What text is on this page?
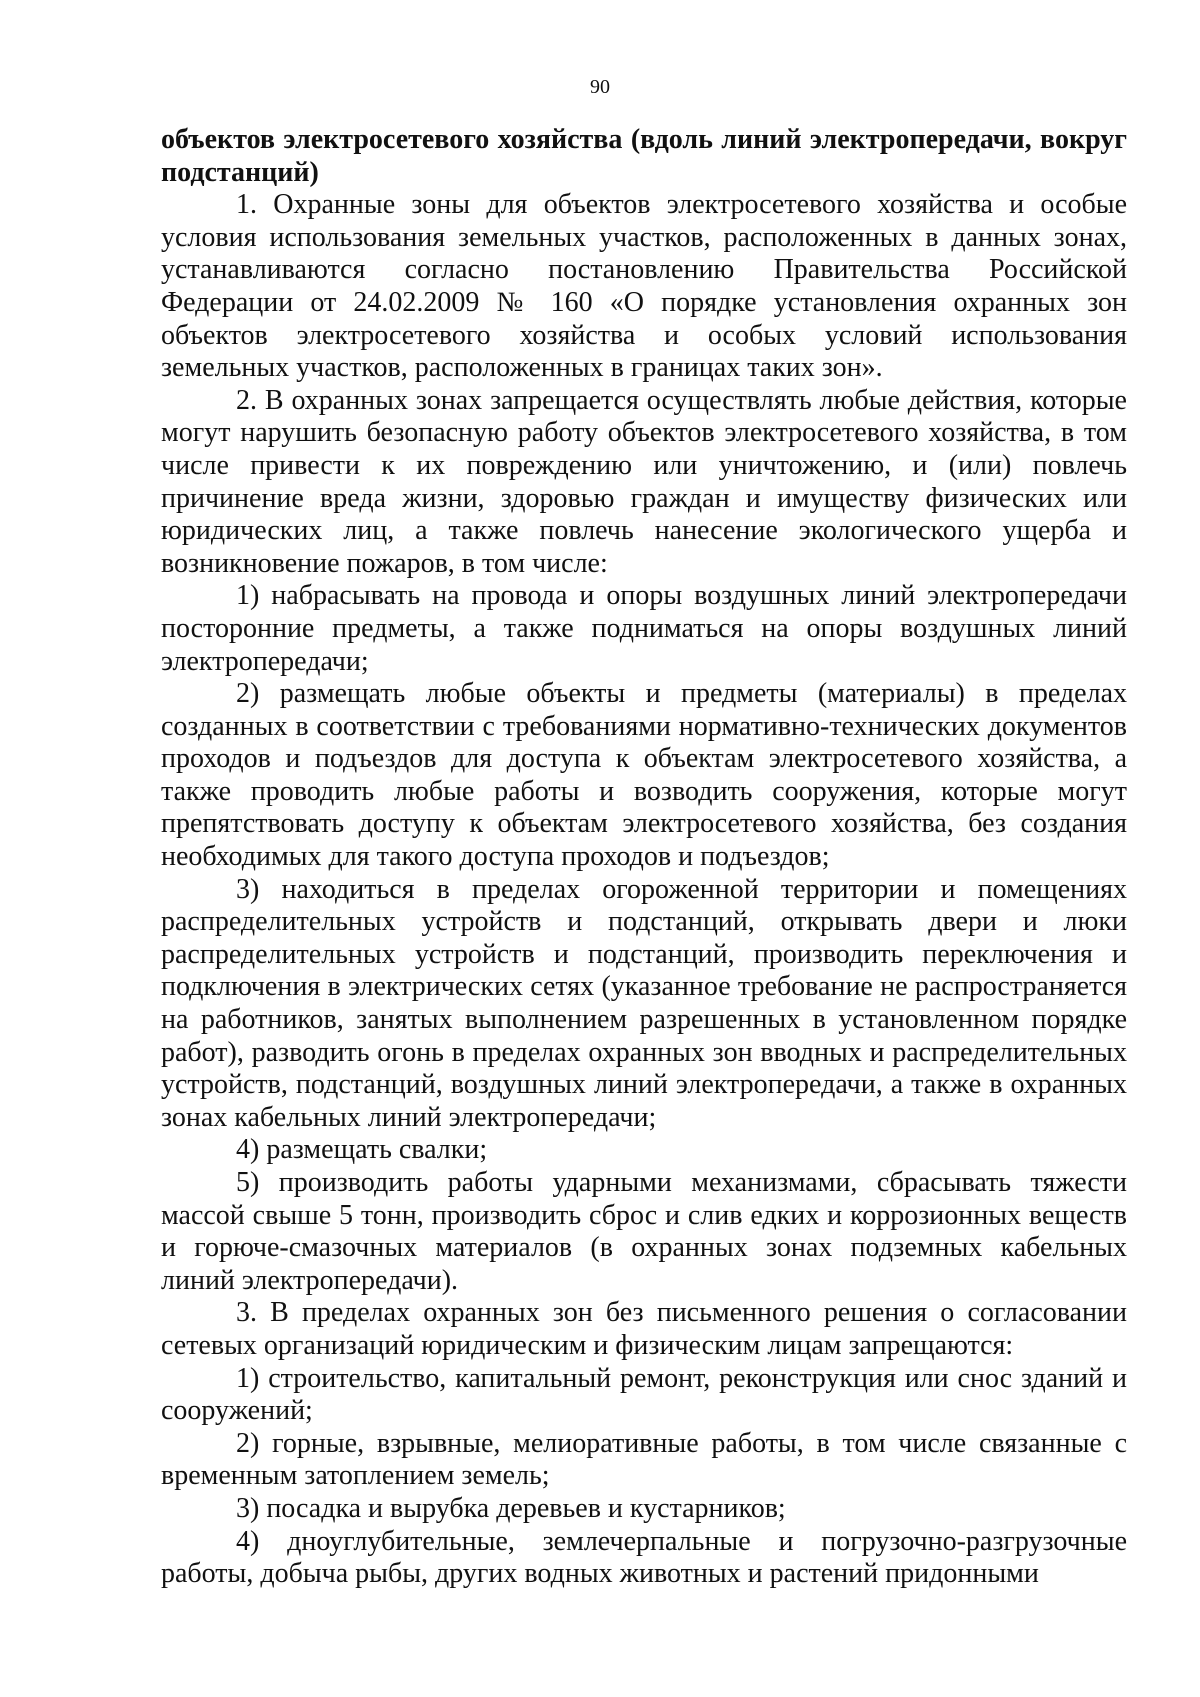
90

объектов электросетевого хозяйства (вдоль линий электропередачи, вокруг подстанций)

1. Охранные зоны для объектов электросетевого хозяйства и особые условия использования земельных участков, расположенных в данных зонах, устанавливаются согласно постановлению Правительства Российской Федерации от 24.02.2009 № 160 «О порядке установления охранных зон объектов электросетевого хозяйства и особых условий использования земельных участков, расположенных в границах таких зон».

2. В охранных зонах запрещается осуществлять любые действия, которые могут нарушить безопасную работу объектов электросетевого хозяйства, в том числе привести к их повреждению или уничтожению, и (или) повлечь причинение вреда жизни, здоровью граждан и имуществу физических или юридических лиц, а также повлечь нанесение экологического ущерба и возникновение пожаров, в том числе:

1) набрасывать на провода и опоры воздушных линий электропередачи посторонние предметы, а также подниматься на опоры воздушных линий электропередачи;

2) размещать любые объекты и предметы (материалы) в пределах созданных в соответствии с требованиями нормативно-технических документов проходов и подъездов для доступа к объектам электросетевого хозяйства, а также проводить любые работы и возводить сооружения, которые могут препятствовать доступу к объектам электросетевого хозяйства, без создания необходимых для такого доступа проходов и подъездов;

3) находиться в пределах огороженной территории и помещениях распределительных устройств и подстанций, открывать двери и люки распределительных устройств и подстанций, производить переключения и подключения в электрических сетях (указанное требование не распространяется на работников, занятых выполнением разрешенных в установленном порядке работ), разводить огонь в пределах охранных зон вводных и распределительных устройств, подстанций, воздушных линий электропередачи, а также в охранных зонах кабельных линий электропередачи;

4) размещать свалки;

5) производить работы ударными механизмами, сбрасывать тяжести массой свыше 5 тонн, производить сброс и слив едких и коррозионных веществ и горюче-смазочных материалов (в охранных зонах подземных кабельных линий электропередачи).

3. В пределах охранных зон без письменного решения о согласовании сетевых организаций юридическим и физическим лицам запрещаются:

1) строительство, капитальный ремонт, реконструкция или снос зданий и сооружений;

2) горные, взрывные, мелиоративные работы, в том числе связанные с временным затоплением земель;

3) посадка и вырубка деревьев и кустарников;

4) дноуглубительные, землечерпальные и погрузочно-разгрузочные работы, добыча рыбы, других водных животных и растений придонными
